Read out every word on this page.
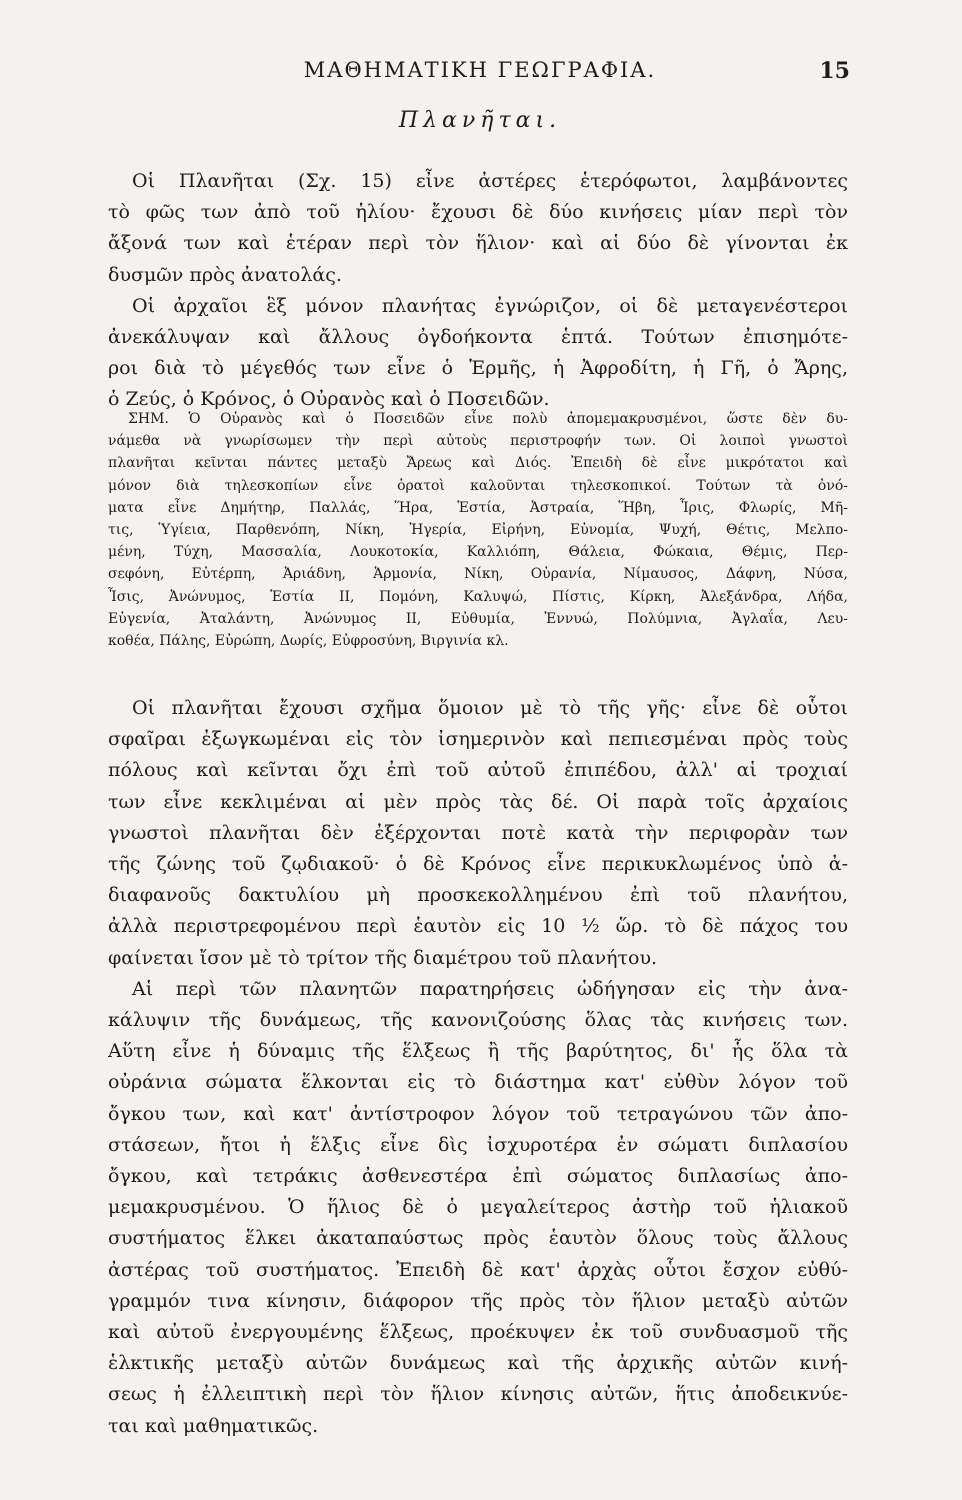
ΜΑΘΗΜΑΤΙΚΗ ΓΕΩΓΡΑΦΙΑ.	15
Πλανῆται.
Οἱ Πλανῆται (Σχ. 15) εἶνε ἀστέρες ἑτερόφωτοι, λαμβάνοντες
τὸ φῶς των ἀπὸ τοῦ ἡλίου· ἔχουσι δὲ δύο κινήσεις μίαν περὶ τὸν
ἄξονά των καὶ ἑτέραν περὶ τὸν ἥλιον· καὶ αἱ δύο δὲ γίνονται ἐκ
δυσμῶν πρὸς ἀνατολάς.
Οἱ ἀρχαῖοι ἓξ μόνον πλανήτας ἐγνώριζον, οἱ δὲ μεταγενέστεροι
ἀνεκάλυψαν καὶ ἄλλους ὀγδοήκοντα ἑπτά. Τούτων ἐπισημότε-
ροι διὰ τὸ μέγεθός των εἶνε ὁ Ἑρμῆς, ἡ Ἀφροδίτη, ἡ Γῆ, ὁ Ἄρης,
ὁ Ζεύς, ὁ Κρόνος, ὁ Οὐρανὸς καὶ ὁ Ποσειδῶν.
ΣΗΜ. Ὁ Οὐρανὸς καὶ ὁ Ποσειδῶν εἶνε πολὺ ἀπομεμακρυσμένοι, ὥστε δὲν δυ-
νάμεθα νὰ γνωρίσωμεν τὴν περὶ αὐτοὺς περιστροφήν των. Οἱ λοιποὶ γνωστοὶ
πλανῆται κεῖνται πάντες μεταξὺ Ἄρεως καὶ Διός. Ἐπειδὴ δὲ εἶνε μικρότατοι καὶ
μόνον διὰ τηλεσκοπίων εἶνε ὁρατοὶ καλοῦνται τηλεσκοπικοί. Τούτων τὰ ὀνό-
ματα εἶνε Δημήτηρ, Παλλάς, Ἥρα, Ἑστία, Ἀστραία, Ἥβη, Ἶρις, Φλωρίς, Μῆ-
τις, Ὑγίεια, Παρθενόπη, Νίκη, Ἠγερία, Εἰρήνη, Εὐνομία, Ψυχή, Θέτις, Μελπο-
μένη, Τύχη, Μασσαλία, Λουκοτοκία, Καλλιόπη, Θάλεια, Φώκαια, Θέμις, Περ-
σεφόνη, Εὐτέρπη, Ἀριάδνη, Ἁρμονία, Νίκη, Οὐρανία, Νίμαυσος, Δάφνη, Νύσα,
Ἶσις, Ἀνώνυμος, Ἑστία II, Πομόνη, Καλυψώ, Πίστις, Κίρκη, Ἀλεξάνδρα, Λήδα,
Εὐγενία, Ἀταλάντη, Ἀνώνυμος II, Εὐθυμία, Ἐννυώ, Πολύμνια, Ἀγλαΐα, Λευ-
κοθέα, Πάλης, Εὐρώπη, Δωρίς, Εὐφροσύνη, Βιργινία κλ.
Οἱ πλανῆται ἔχουσι σχῆμα ὅμοιον μὲ τὸ τῆς γῆς· εἶνε δὲ οὗτοι
σφαῖραι ἐξωγκωμέναι εἰς τὸν ἰσημερινὸν καὶ πεπιεσμέναι πρὸς τοὺς
πόλους καὶ κεῖνται ὄχι ἐπὶ τοῦ αὐτοῦ ἐπιπέδου, ἀλλ' αἱ τροχιαί
των εἶνε κεκλιμέναι αἱ μὲν πρὸς τὰς δέ. Οἱ παρὰ τοῖς ἀρχαίοις
γνωστοὶ πλανῆται δὲν ἐξέρχονται ποτὲ κατὰ τὴν περιφορὰν των
τῆς ζώνης τοῦ ζῳδιακοῦ· ὁ δὲ Κρόνος εἶνε περικυκλωμένος ὑπὸ ἀ-
διαφανοῦς δακτυλίου μὴ προσκεκολλημένου ἐπὶ τοῦ πλανήτου,
ἀλλὰ περιστρεφομένου περὶ ἑαυτὸν εἰς 10 ½ ὥρ. τὸ δὲ πάχος του
φαίνεται ἴσον μὲ τὸ τρίτον τῆς διαμέτρου τοῦ πλανήτου.
Αἱ περὶ τῶν πλανητῶν παρατηρήσεις ὡδήγησαν εἰς τὴν ἀνα-
κάλυψιν τῆς δυνάμεως, τῆς κανονιζούσης ὅλας τὰς κινήσεις των.
Αὕτη εἶνε ἡ δύναμις τῆς ἕλξεως ἢ τῆς βαρύτητος, δι' ἧς ὅλα τὰ
οὐράνια σώματα ἕλκονται εἰς τὸ διάστημα κατ' εὐθὺν λόγον τοῦ
ὄγκου των, καὶ κατ' ἀντίστροφον λόγον τοῦ τετραγώνου τῶν ἀπο-
στάσεων, ἤτοι ἡ ἕλξις εἶνε δὶς ἰσχυροτέρα ἐν σώματι διπλασίου
ὄγκου, καὶ τετράκις ἀσθενεστέρα ἐπὶ σώματος διπλασίως ἀπο-
μεμακρυσμένου. Ὁ ἥλιος δὲ ὁ μεγαλείτερος ἀστὴρ τοῦ ἡλιακοῦ
συστήματος ἕλκει ἀκαταπαύστως πρὸς ἑαυτὸν ὅλους τοὺς ἄλλους
ἀστέρας τοῦ συστήματος. Ἐπειδὴ δὲ κατ' ἀρχὰς οὗτοι ἔσχον εὐθύ-
γραμμόν τινα κίνησιν, διάφορον τῆς πρὸς τὸν ἥλιον μεταξὺ αὐτῶν
καὶ αὐτοῦ ἐνεργουμένης ἕλξεως, προέκυψεν ἐκ τοῦ συνδυασμοῦ τῆς
ἑλκτικῆς μεταξὺ αὐτῶν δυνάμεως καὶ τῆς ἀρχικῆς αὐτῶν κινή-
σεως ἡ ἐλλειπτικὴ περὶ τὸν ἥλιον κίνησις αὐτῶν, ἥτις ἀποδεικνύε-
ται καὶ μαθηματικῶς.
